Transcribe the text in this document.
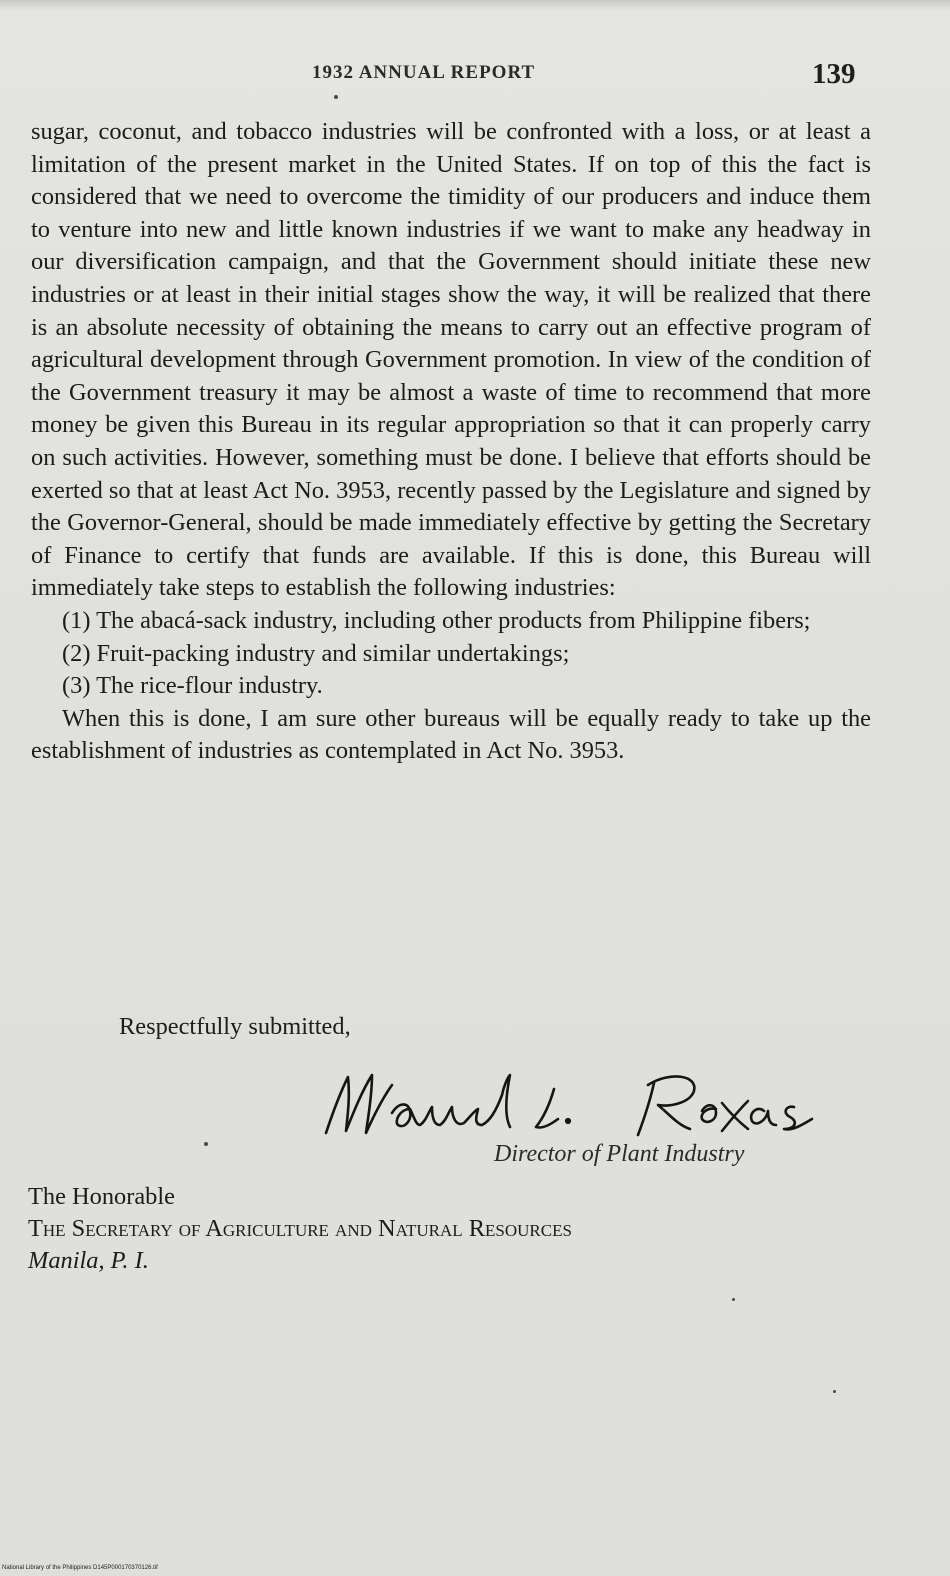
1932 ANNUAL REPORT	139

sugar, coconut, and tobacco industries will be confronted with a loss, or at least a limitation of the present market in the United States. If on top of this the fact is considered that we need to overcome the timidity of our producers and induce them to venture into new and little known industries if we want to make any headway in our diversification campaign, and that the Government should initiate these new industries or at least in their initial stages show the way, it will be realized that there is an absolute necessity of obtaining the means to carry out an effective program of agricultural development through Government promotion. In view of the condition of the Government treasury it may be almost a waste of time to recommend that more money be given this Bureau in its regular appropriation so that it can properly carry on such activities. However, something must be done. I believe that efforts should be exerted so that at least Act No. 3953, recently passed by the Legislature and signed by the Governor-General, should be made immediately effective by getting the Secretary of Finance to certify that funds are available. If this is done, this Bureau will immediately take steps to establish the following industries:

(1) The abacá-sack industry, including other products from Philippine fibers;

(2) Fruit-packing industry and similar undertakings;

(3) The rice-flour industry.

When this is done, I am sure other bureaus will be equally ready to take up the establishment of industries as contemplated in Act No. 3953.

Respectfully submitted,
Director of Plant Industry
The Honorable
The Secretary of Agriculture and Natural Resources
Manila, P. I.
National Library of the Philippines D145P000170370126.tif
